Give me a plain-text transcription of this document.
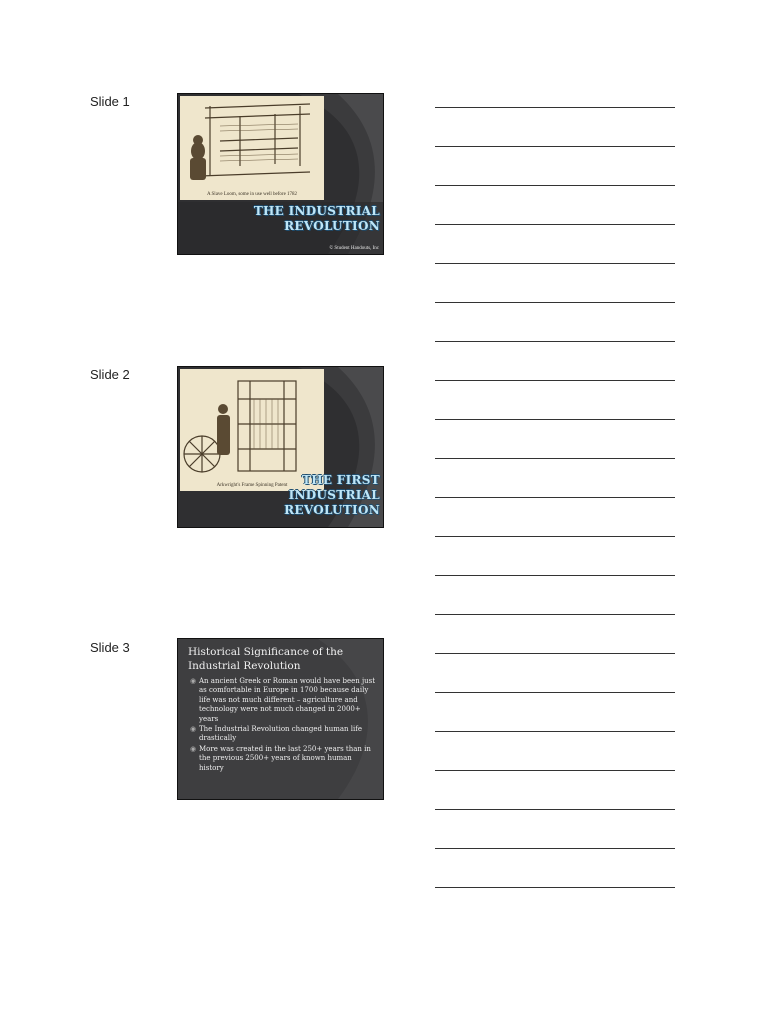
Slide 1
A Slave Loom, some in use well before 1782
THE INDUSTRIAL
REVOLUTION
© Student Handouts, Inc
Slide 2
Arkwright's Frame Spinning Patent	THE FIRST
INDUSTRIAL
REVOLUTION
Slide 3	Historical Significance of the Industrial Revolution
◉ An ancient Greek or Roman would have been just as comfortable in Europe in 1700 because daily life was not much different – agriculture and technology were not much changed in 2000+ years
◉ The Industrial Revolution changed human life drastically
◉ More was created in the last 250+ years than in the previous 2500+ years of known human history
